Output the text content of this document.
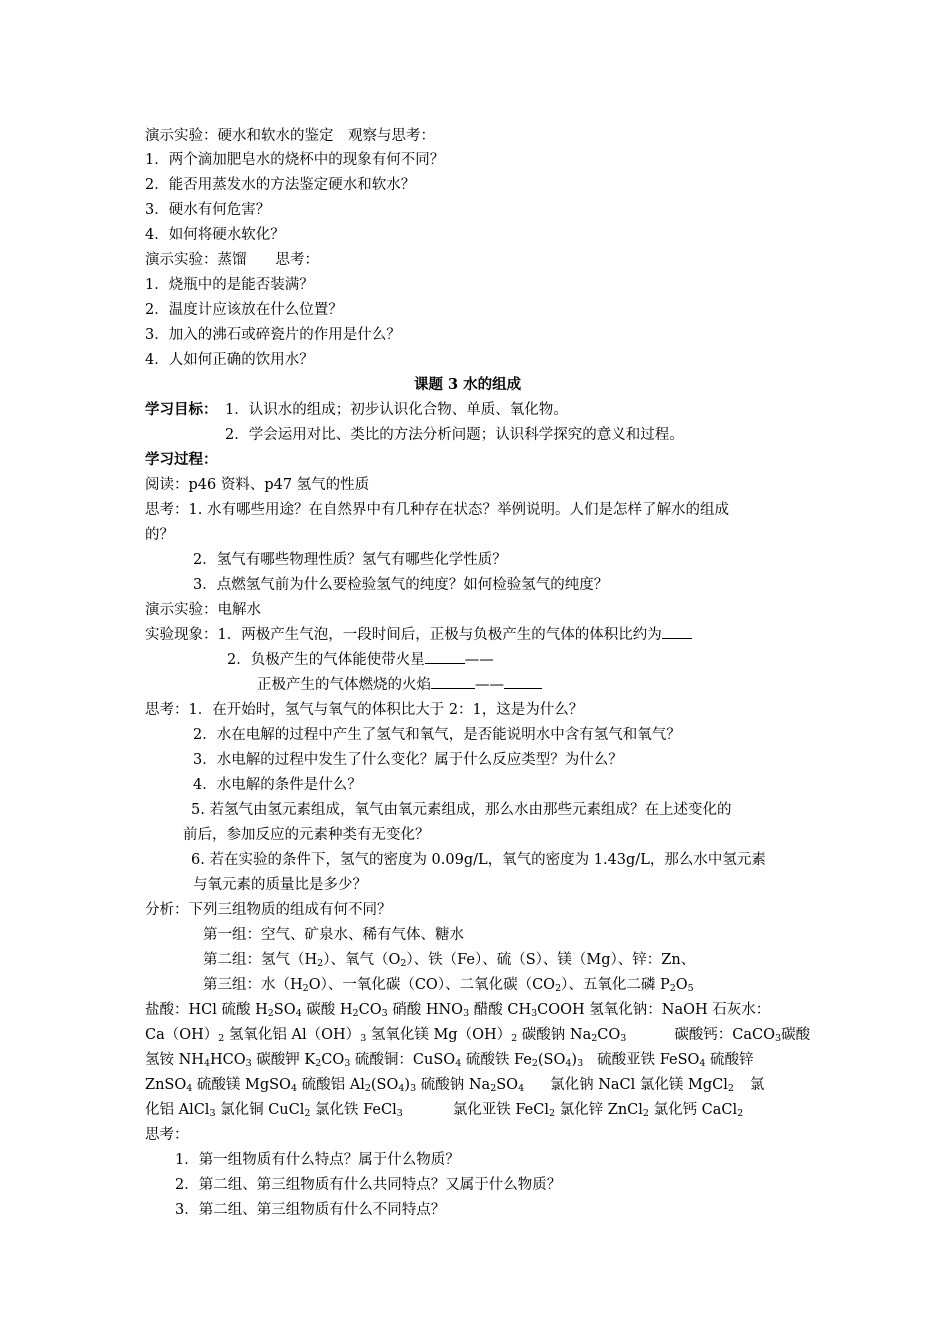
演示实验：硬水和软水的鉴定　观察与思考：
1．两个滴加肥皂水的烧杯中的现象有何不同？
2．能否用蒸发水的方法鉴定硬水和软水？
3．硬水有何危害？
4．如何将硬水软化？
演示实验：蒸馏　　思考：
1．烧瓶中的是能否装满？
2．温度计应该放在什么位置？
3．加入的沸石或碎瓷片的作用是什么？
4．人如何正确的饮用水？
课题 3 水的组成
学习目标： 1．认识水的组成；初步认识化合物、单质、氧化物。
2．学会运用对比、类比的方法分析问题；认识科学探究的意义和过程。
学习过程：
阅读：p46 资料、p47 氢气的性质
思考：1. 水有哪些用途？在自然界中有几种存在状态？举例说明。人们是怎样了解水的组成
的？
2．氢气有哪些物理性质？氢气有哪些化学性质？
3．点燃氢气前为什么要检验氢气的纯度？如何检验氢气的纯度？
演示实验：电解水
实验现象：1．两极产生气泡，一段时间后，正极与负极产生的气体的体积比约为
2．负极产生的气体能使带火星	——
正极产生的气体燃烧的火焰	——
思考：1．在开始时，氢气与氧气的体积比大于 2：1，这是为什么？
2．水在电解的过程中产生了氢气和氧气，是否能说明水中含有氢气和氧气？
3．水电解的过程中发生了什么变化？属于什么反应类型？为什么？
4．水电解的条件是什么？
5. 若氢气由氢元素组成，氧气由氧元素组成，那么水由那些元素组成？在上述变化的
前后，参加反应的元素种类有无变化？
6. 若在实验的条件下，氢气的密度为 0.09g/L，氧气的密度为 1.43g/L，那么水中氢元素
与氧元素的质量比是多少？
分析：下列三组物质的组成有何不同？
第一组：空气、矿泉水、稀有气体、糖水
第二组：氢气$(H_2)$、氧气$(O_2)$、铁（Fe）、硫（S）、镁（Mg）、锌：Zn、
第三组：水$(H_2O)$、一氧化碳（CO）、二氧化碳$(CO_2)$、五氧化二磷 $P_2O_5$
盐酸：HCl 硫酸 $H_2SO_4$ 碳酸 $H_2CO_3$ 硝酸 $HNO_3$ 醋酸 $CH_3COOH$ 氢氧化钠：NaOH 石灰水：
$Ca(OH)_2$ 氢氧化铝 $Al(OH)_3$ 氢氧化镁 $Mg(OH)_2$ 碳酸钠 $Na_2CO_3$	碳酸钙：CaCO$_3$碳酸
氢铵 $NH_4HCO_3$ 碳酸钾 $K_2CO_3$ 硫酸铜：CuSO$_4$ 硫酸铁 $Fe_2(SO_4)_3$ 硫酸亚铁 FeSO$_4$ 硫酸锌
ZnSO$_4$ 硫酸镁 MgSO$_4$ 硫酸铝 $Al_2(SO_4)_3$ 硫酸钠 $Na_2SO_4$ 氯化钠 NaCl 氯化镁 MgCl$_2$ 氯
化铝 AlCl$_3$ 氯化铜 CuCl$_2$ 氯化铁 FeCl$_3$	氯化亚铁 FeCl$_2$ 氯化锌 ZnCl$_2$ 氯化钙 CaCl$_2$
思考：
1．第一组物质有什么特点？属于什么物质？
2．第二组、第三组物质有什么共同特点？又属于什么物质？
3．第二组、第三组物质有什么不同特点？
